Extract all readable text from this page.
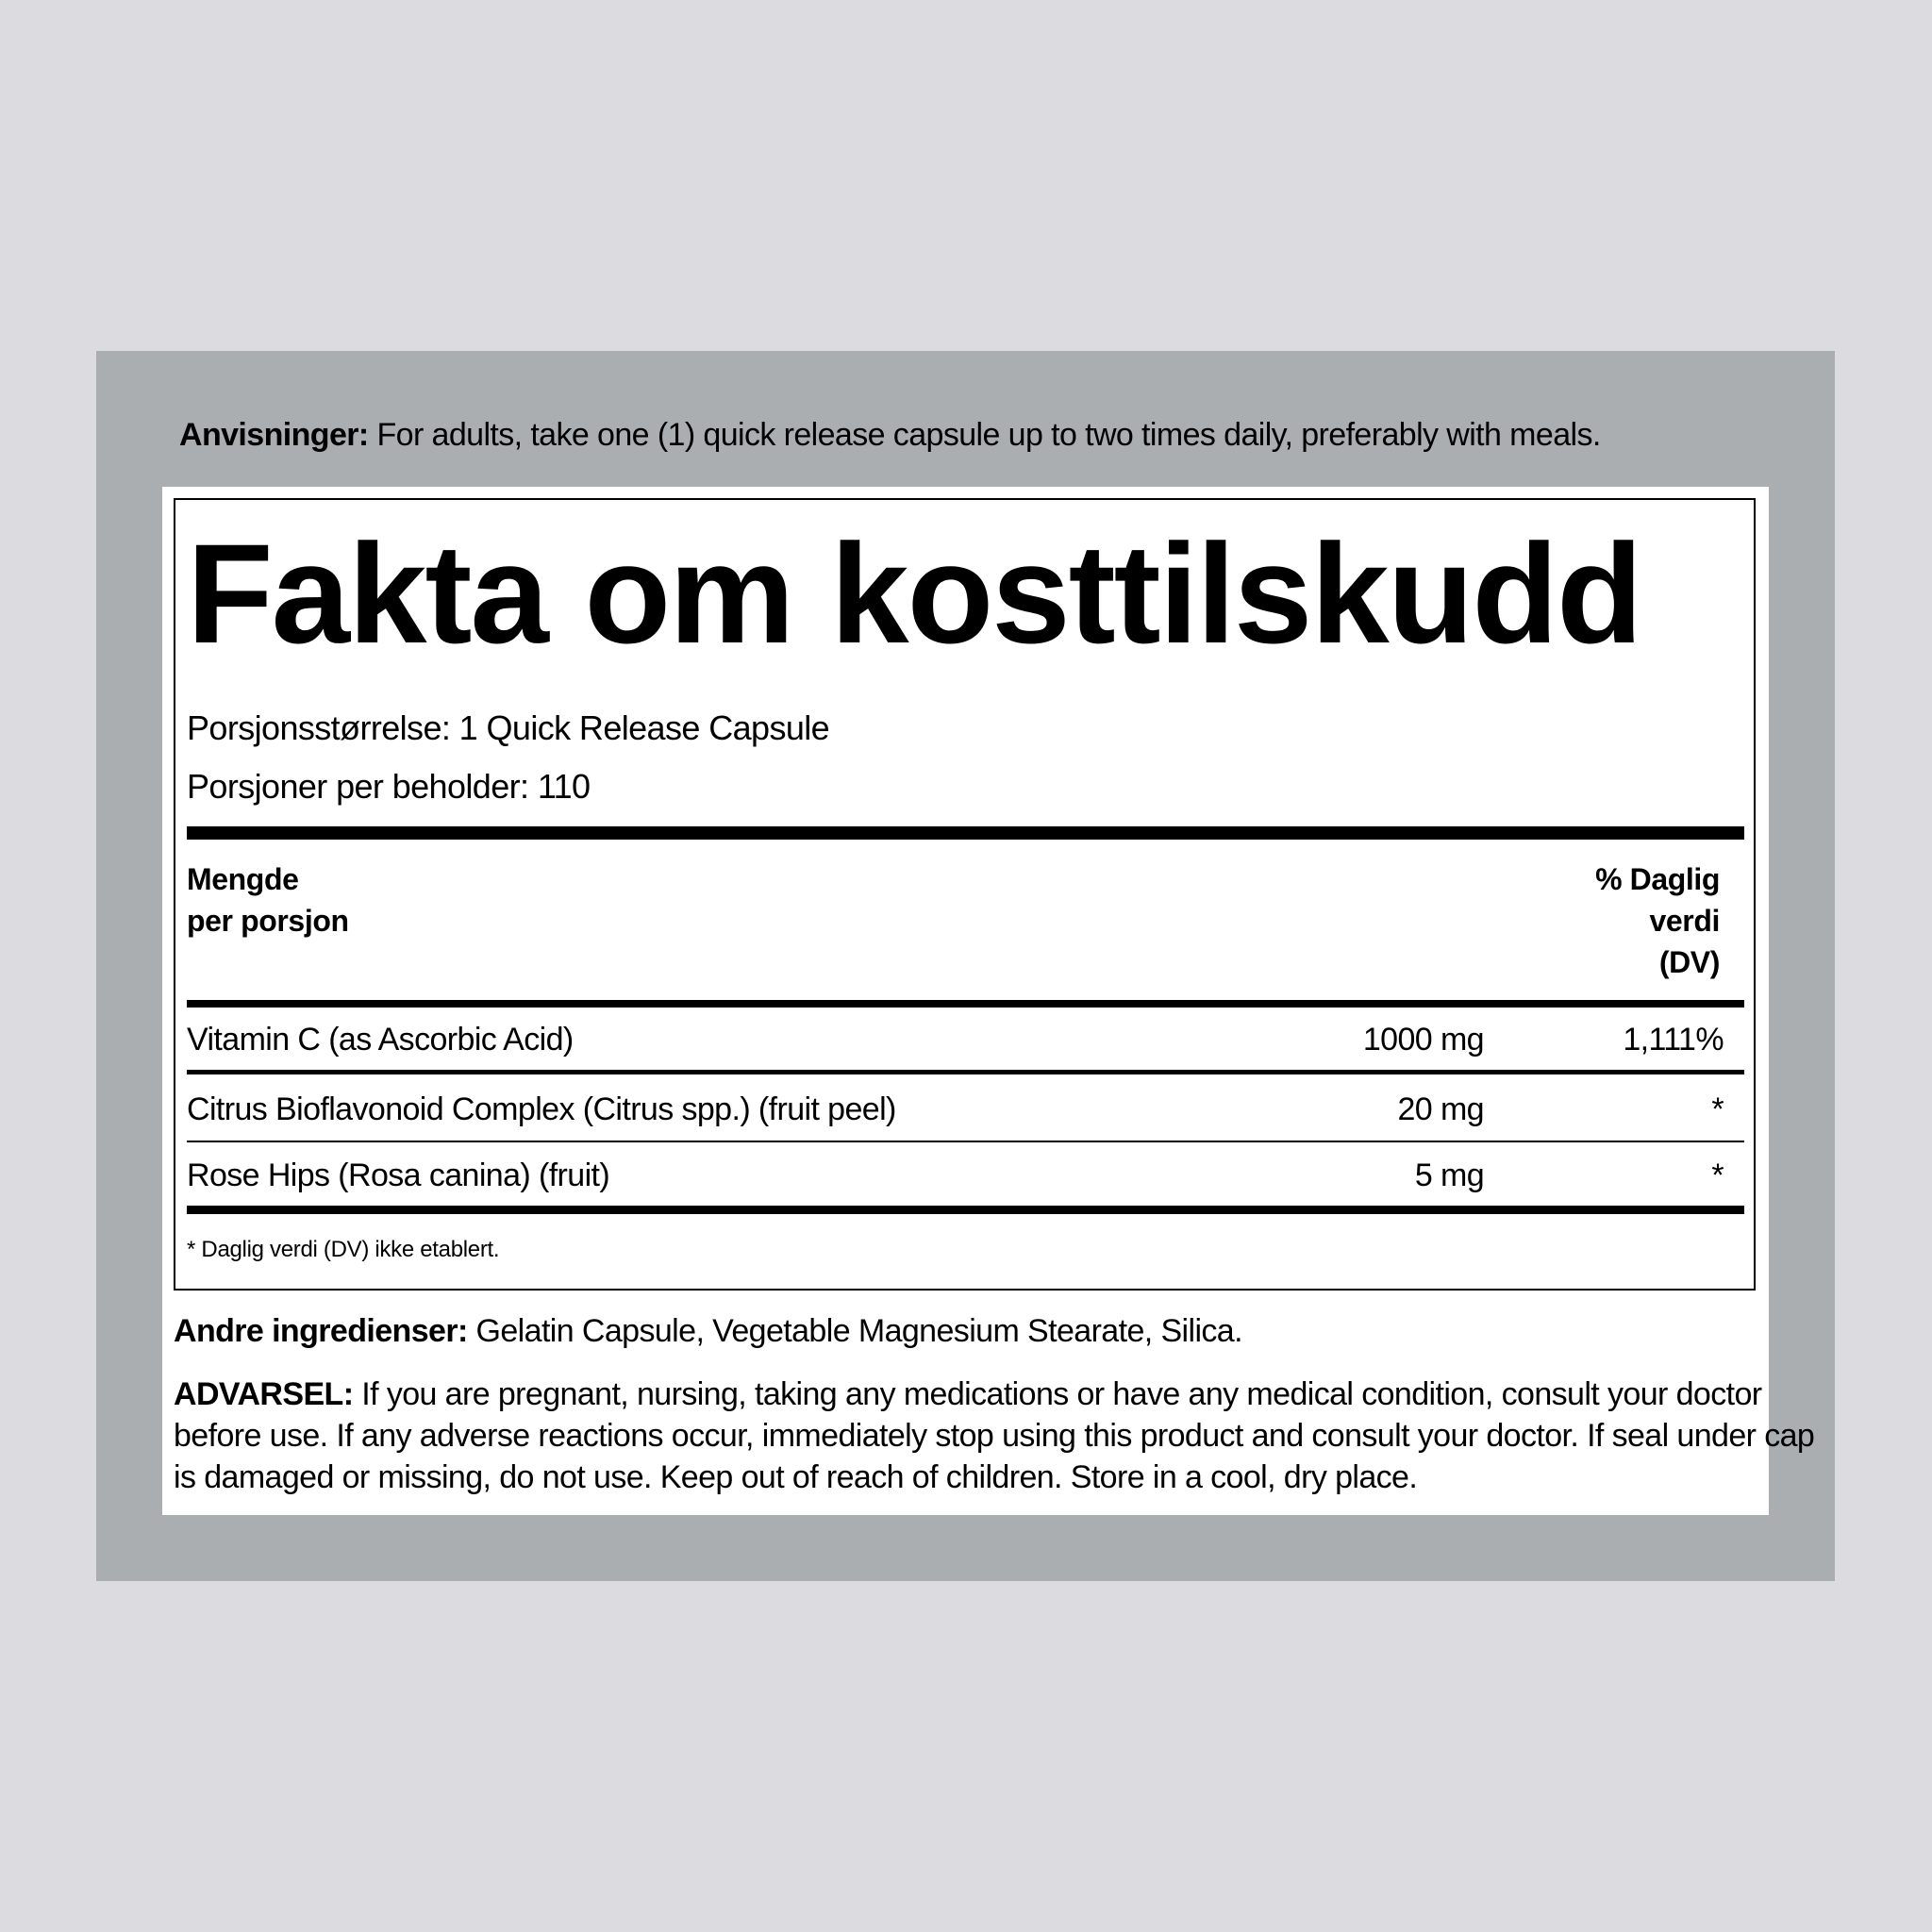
Anvisninger: For adults, take one (1) quick release capsule up to two times daily, preferably with meals.
Fakta om kosttilskudd
Porsjonsstørrelse: 1 Quick Release Capsule
Porsjoner per beholder: 110
Mengde
per porsjon
% Daglig
verdi
(DV)
Vitamin C (as Ascorbic Acid)	1000 mg	1,111%
Citrus Bioflavonoid Complex (Citrus spp.) (fruit peel)	20 mg	*
Rose Hips (Rosa canina) (fruit)	5 mg	*
* Daglig verdi (DV) ikke etablert.
Andre ingredienser: Gelatin Capsule, Vegetable Magnesium Stearate, Silica.
ADVARSEL: If you are pregnant, nursing, taking any medications or have any medical condition, consult your doctor
before use. If any adverse reactions occur, immediately stop using this product and consult your doctor. If seal under cap
is damaged or missing, do not use. Keep out of reach of children. Store in a cool, dry place.
